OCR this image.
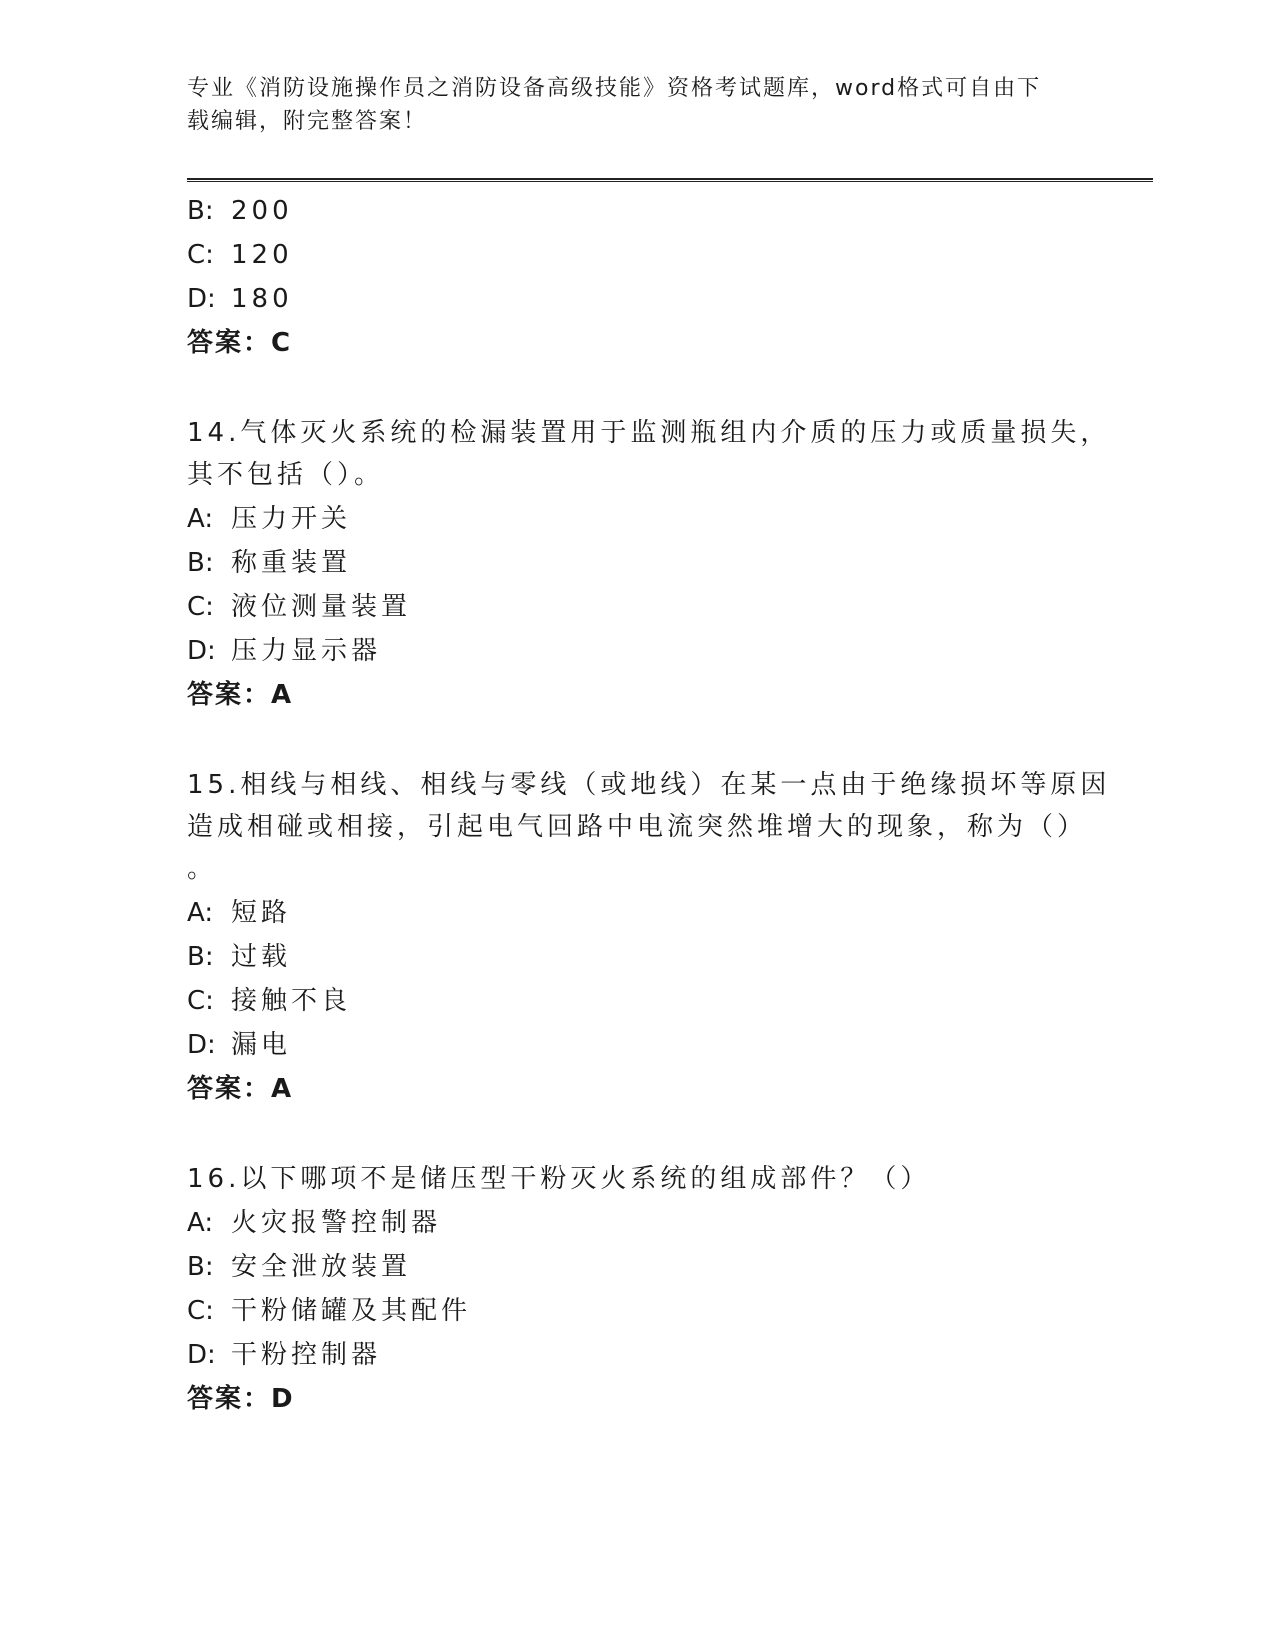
专业《消防设施操作员之消防设备高级技能》资格考试题库，word格式可自由下
载编辑，附完整答案！
B: 200
C: 120
D: 180
答案：C
14.气体灭火系统的检漏装置用于监测瓶组内介质的压力或质量损失，
其不包括（）。
A: 压力开关
B: 称重装置
C: 液位测量装置
D: 压力显示器
答案：A
15.相线与相线、相线与零线（或地线）在某一点由于绝缘损坏等原因
造成相碰或相接，引起电气回路中电流突然堆增大的现象，称为（）
。
A: 短路
B: 过载
C: 接触不良
D: 漏电
答案：A
16.以下哪项不是储压型干粉灭火系统的组成部件？（）
A: 火灾报警控制器
B: 安全泄放装置
C: 干粉储罐及其配件
D: 干粉控制器
答案：D
